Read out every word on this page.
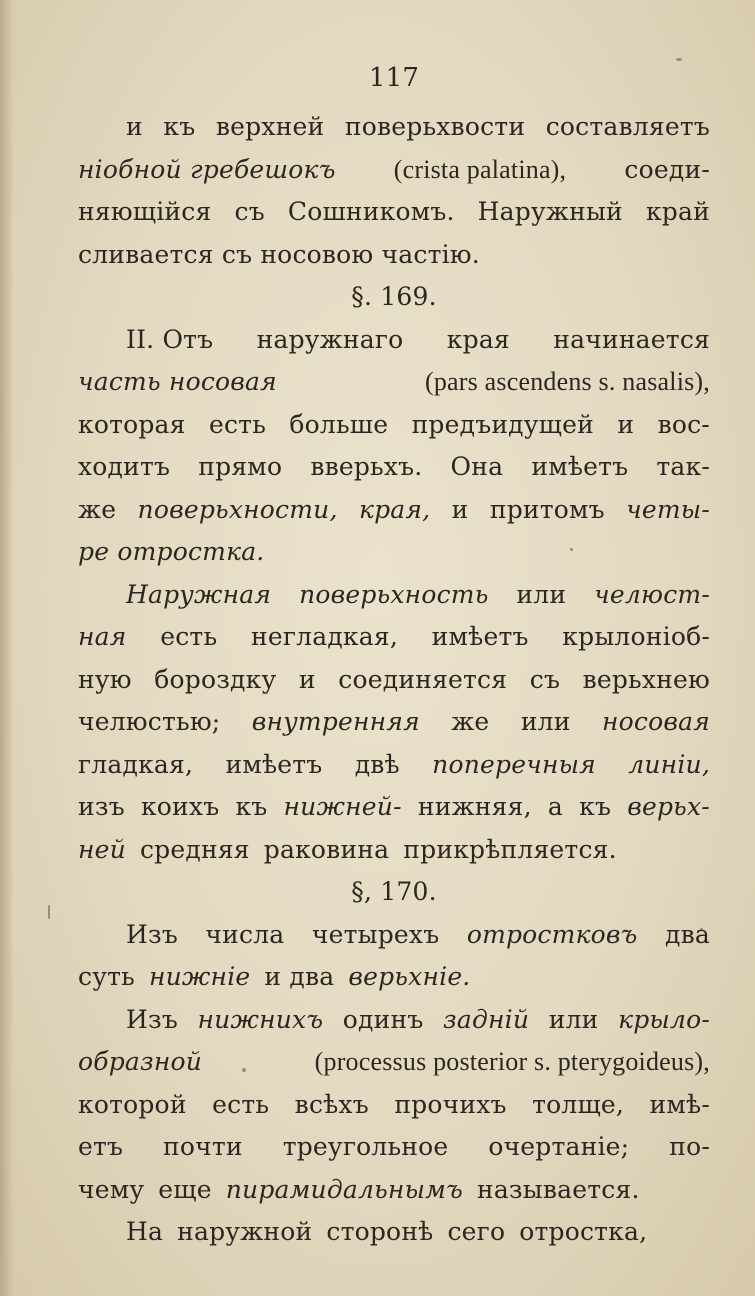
117
и къ верхней поверьхвости составляетъ
ніобной гребешокъ (crista palatina), соеди-
няющійся съ Сошникомъ. Наружный край
сливается съ носовою частію.
§. 169.
II. Отъ наружнаго края начинается
часть носовая	(pars ascendens s. nasalis),
которая есть больше предъидущей и вос-
ходитъ прямо вверьхъ. Она имѣетъ так-
же поверьхности, края, и притомъ четы-
ре отростка.
Наружная поверьхность или челюст-
ная есть негладкая, имѣетъ крылоніоб-
ную бороздку и соединяется съ верьхнею
челюстью; внутренняя же или носовая
гладкая, имѣетъ двѣ поперечныя линіи,
изъ коихъ къ нижней- нижняя, а къ верьх-
ней средняя раковина прикрѣпляется.
§, 170.
Изъ числа четырехъ отростковъ два
суть нижніе и два верьхніе.
Изъ нижнихъ одинъ задній или крыло-
образной	(processus posterior s. pterygoideus),
которой есть всѣхъ прочихъ толще, имѣ-
етъ почти треугольное очертаніе; по-
чему еще пирамидальнымъ называется.
На наружной сторонѣ сего отростка,
